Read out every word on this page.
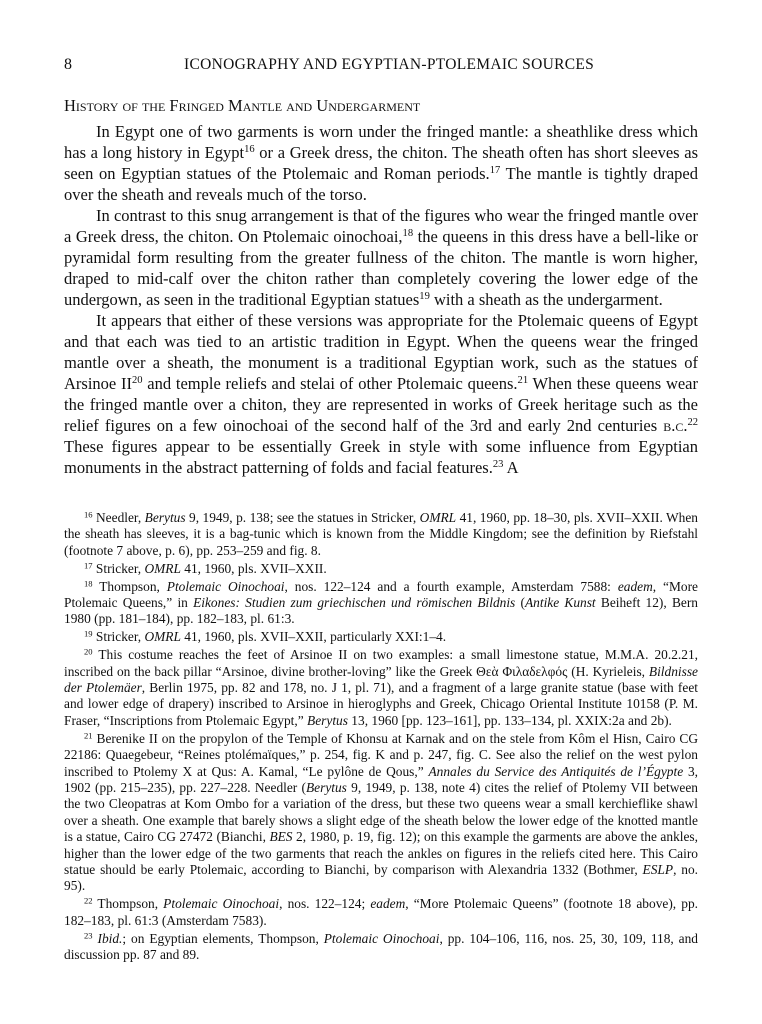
8	ICONOGRAPHY AND EGYPTIAN-PTOLEMAIC SOURCES
History of the Fringed Mantle and Undergarment

In Egypt one of two garments is worn under the fringed mantle: a sheathlike dress which has a long history in Egypt$^{16}$ or a Greek dress, the chiton. The sheath often has short sleeves as seen on Egyptian statues of the Ptolemaic and Roman periods.$^{17}$ The mantle is tightly draped over the sheath and reveals much of the torso.

In contrast to this snug arrangement is that of the figures who wear the fringed mantle over a Greek dress, the chiton. On Ptolemaic oinochoai,$^{18}$ the queens in this dress have a bell-like or pyramidal form resulting from the greater fullness of the chiton. The mantle is worn higher, draped to mid-calf over the chiton rather than completely covering the lower edge of the undergown, as seen in the traditional Egyptian statues$^{19}$ with a sheath as the undergarment.

It appears that either of these versions was appropriate for the Ptolemaic queens of Egypt and that each was tied to an artistic tradition in Egypt. When the queens wear the fringed mantle over a sheath, the monument is a traditional Egyptian work, such as the statues of Arsinoe II$^{20}$ and temple reliefs and stelai of other Ptolemaic queens.$^{21}$ When these queens wear the fringed mantle over a chiton, they are represented in works of Greek heritage such as the relief figures on a few oinochoai of the second half of the 3rd and early 2nd centuries b.c.$^{22}$ These figures appear to be essentially Greek in style with some influence from Egyptian monuments in the abstract patterning of folds and facial features.$^{23}$ A

$^{16}$ Needler, Berytus 9, 1949, p. 138; see the statues in Stricker, OMRL 41, 1960, pp. 18–30, pls. XVII–XXII. When the sheath has sleeves, it is a bag-tunic which is known from the Middle Kingdom; see the definition by Riefstahl (footnote 7 above, p. 6), pp. 253–259 and fig. 8.

$^{17}$ Stricker, OMRL 41, 1960, pls. XVII–XXII.

$^{18}$ Thompson, Ptolemaic Oinochoai, nos. 122–124 and a fourth example, Amsterdam 7588: eadem, “More Ptolemaic Queens,” in Eikones: Studien zum griechischen und römischen Bildnis (Antike Kunst Beiheft 12), Bern 1980 (pp. 181–184), pp. 182–183, pl. 61:3.

$^{19}$ Stricker, OMRL 41, 1960, pls. XVII–XXII, particularly XXI:1–4.

$^{20}$ This costume reaches the feet of Arsinoe II on two examples: a small limestone statue, M.M.A. 20.2.21, inscribed on the back pillar “Arsinoe, divine brother-loving” like the Greek Θεὰ Φιλαδελφός (H. Kyrieleis, Bildnisse der Ptolemäer, Berlin 1975, pp. 82 and 178, no. J 1, pl. 71), and a fragment of a large granite statue (base with feet and lower edge of drapery) inscribed to Arsinoe in hieroglyphs and Greek, Chicago Oriental Institute 10158 (P. M. Fraser, “Inscriptions from Ptolemaic Egypt,” Berytus 13, 1960 [pp. 123–161], pp. 133–134, pl. XXIX:2a and 2b).

$^{21}$ Berenike II on the propylon of the Temple of Khonsu at Karnak and on the stele from Kôm el Hisn, Cairo CG 22186: Quaegebeur, “Reines ptolémaïques,” p. 254, fig. K and p. 247, fig. C. See also the relief on the west pylon inscribed to Ptolemy X at Qus: A. Kamal, “Le pylône de Qous,” Annales du Service des Antiquités de l’Égypte 3, 1902 (pp. 215–235), pp. 227–228. Needler (Berytus 9, 1949, p. 138, note 4) cites the relief of Ptolemy VII between the two Cleopatras at Kom Ombo for a variation of the dress, but these two queens wear a small kerchieflike shawl over a sheath. One example that barely shows a slight edge of the sheath below the lower edge of the knotted mantle is a statue, Cairo CG 27472 (Bianchi, BES 2, 1980, p. 19, fig. 12); on this example the garments are above the ankles, higher than the lower edge of the two garments that reach the ankles on figures in the reliefs cited here. This Cairo statue should be early Ptolemaic, according to Bianchi, by comparison with Alexandria 1332 (Bothmer, ESLP, no. 95).

$^{22}$ Thompson, Ptolemaic Oinochoai, nos. 122–124; eadem, “More Ptolemaic Queens” (footnote 18 above), pp. 182–183, pl. 61:3 (Amsterdam 7583).

$^{23}$ Ibid.; on Egyptian elements, Thompson, Ptolemaic Oinochoai, pp. 104–106, 116, nos. 25, 30, 109, 118, and discussion pp. 87 and 89.
